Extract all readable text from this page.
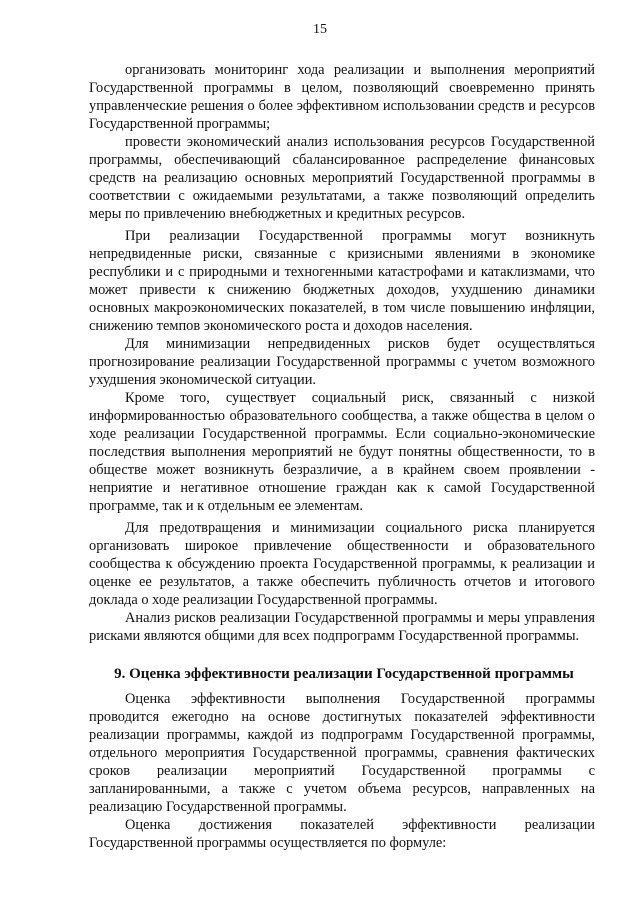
15

организовать мониторинг хода реализации и выполнения мероприятий Государственной программы в целом, позволяющий своевременно принять управленческие решения о более эффективном использовании средств и ресурсов Государственной программы;

провести экономический анализ использования ресурсов Государственной программы, обеспечивающий сбалансированное распределение финансовых средств на реализацию основных мероприятий Государственной программы в соответствии с ожидаемыми результатами, а также позволяющий определить меры по привлечению внебюджетных и кредитных ресурсов.

При реализации Государственной программы могут возникнуть непредвиденные риски, связанные с кризисными явлениями в экономике республики и с природными и техногенными катастрофами и катаклизмами, что может привести к снижению бюджетных доходов, ухудшению динамики основных макроэкономических показателей, в том числе повышению инфляции, снижению темпов экономического роста и доходов населения.

Для минимизации непредвиденных рисков будет осуществляться прогнозирование реализации Государственной программы с учетом возможного ухудшения экономической ситуации.

Кроме того, существует социальный риск, связанный с низкой информированностью образовательного сообщества, а также общества в целом о ходе реализации Государственной программы. Если социально-экономические последствия выполнения мероприятий не будут понятны общественности, то в обществе может возникнуть безразличие, а в крайнем своем проявлении - неприятие и негативное отношение граждан как к самой Государственной программе, так и к отдельным ее элементам.

Для предотвращения и минимизации социального риска планируется организовать широкое привлечение общественности и образовательного сообщества к обсуждению проекта Государственной программы, к реализации и оценке ее результатов, а также обеспечить публичность отчетов и итогового доклада о ходе реализации Государственной программы.

Анализ рисков реализации Государственной программы и меры управления рисками являются общими для всех подпрограмм Государственной программы.

9. Оценка эффективности реализации Государственной программы

Оценка эффективности выполнения Государственной программы проводится ежегодно на основе достигнутых показателей эффективности реализации программы, каждой из подпрограмм Государственной программы, отдельного мероприятия Государственной программы, сравнения фактических сроков реализации мероприятий Государственной программы с запланированными, а также с учетом объема ресурсов, направленных на реализацию Государственной программы.

Оценка достижения показателей эффективности реализации Государственной программы осуществляется по формуле:
